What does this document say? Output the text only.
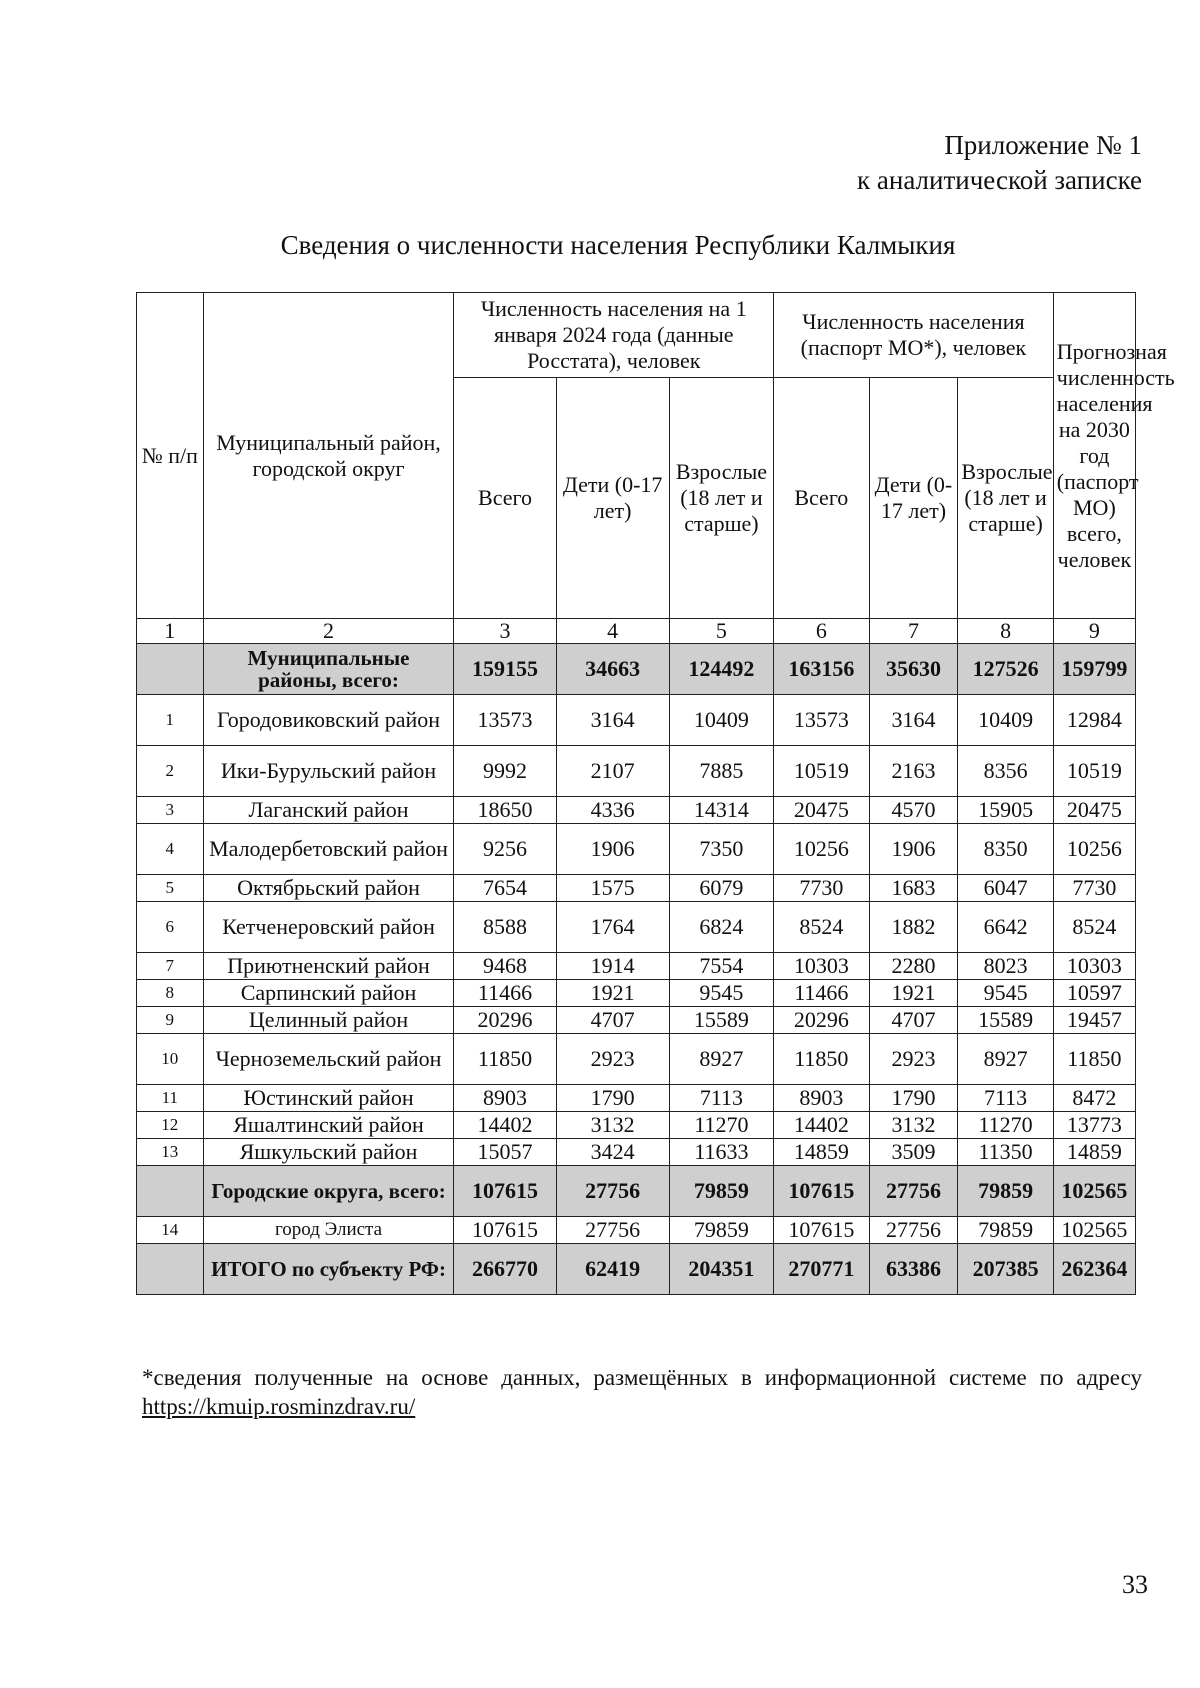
Приложение № 1
к аналитической записке
Сведения о численности населения Республики Калмыкия
№ п/п	Муниципальный район, городской округ	Численность населения на 1 января 2024 года (данные Росстата), человек			Численность населения (паспорт МО*), человек			Прогнозная численность населения на 2030 год (паспорт МО) всего, человек
		Всего	Дети (0-17 лет)	Взрослые (18 лет и старше)	Всего	Дети (0-17 лет)	Взрослые (18 лет и старше)	
1	2	3	4	5	6	7	8	9
	Муниципальные районы, всего:	159155	34663	124492	163156	35630	127526	159799
1	Городовиковский район	13573	3164	10409	13573	3164	10409	12984
2	Ики-Бурульский район	9992	2107	7885	10519	2163	8356	10519
3	Лаганский район	18650	4336	14314	20475	4570	15905	20475
4	Малодербетовский район	9256	1906	7350	10256	1906	8350	10256
5	Октябрьский район	7654	1575	6079	7730	1683	6047	7730
6	Кетченеровский район	8588	1764	6824	8524	1882	6642	8524
7	Приютненский район	9468	1914	7554	10303	2280	8023	10303
8	Сарпинский район	11466	1921	9545	11466	1921	9545	10597
9	Целинный район	20296	4707	15589	20296	4707	15589	19457
10	Черноземельский район	11850	2923	8927	11850	2923	8927	11850
11	Юстинский район	8903	1790	7113	8903	1790	7113	8472
12	Яшалтинский район	14402	3132	11270	14402	3132	11270	13773
13	Яшкульский район	15057	3424	11633	14859	3509	11350	14859
	Городские округа, всего:	107615	27756	79859	107615	27756	79859	102565
14	город Элиста	107615	27756	79859	107615	27756	79859	102565
	ИТОГО по субъекту РФ:	266770	62419	204351	270771	63386	207385	262364
*сведения полученные на основе данных, размещённых в информационной системе по адресу https://kmuip.rosminzdrav.ru/
33
